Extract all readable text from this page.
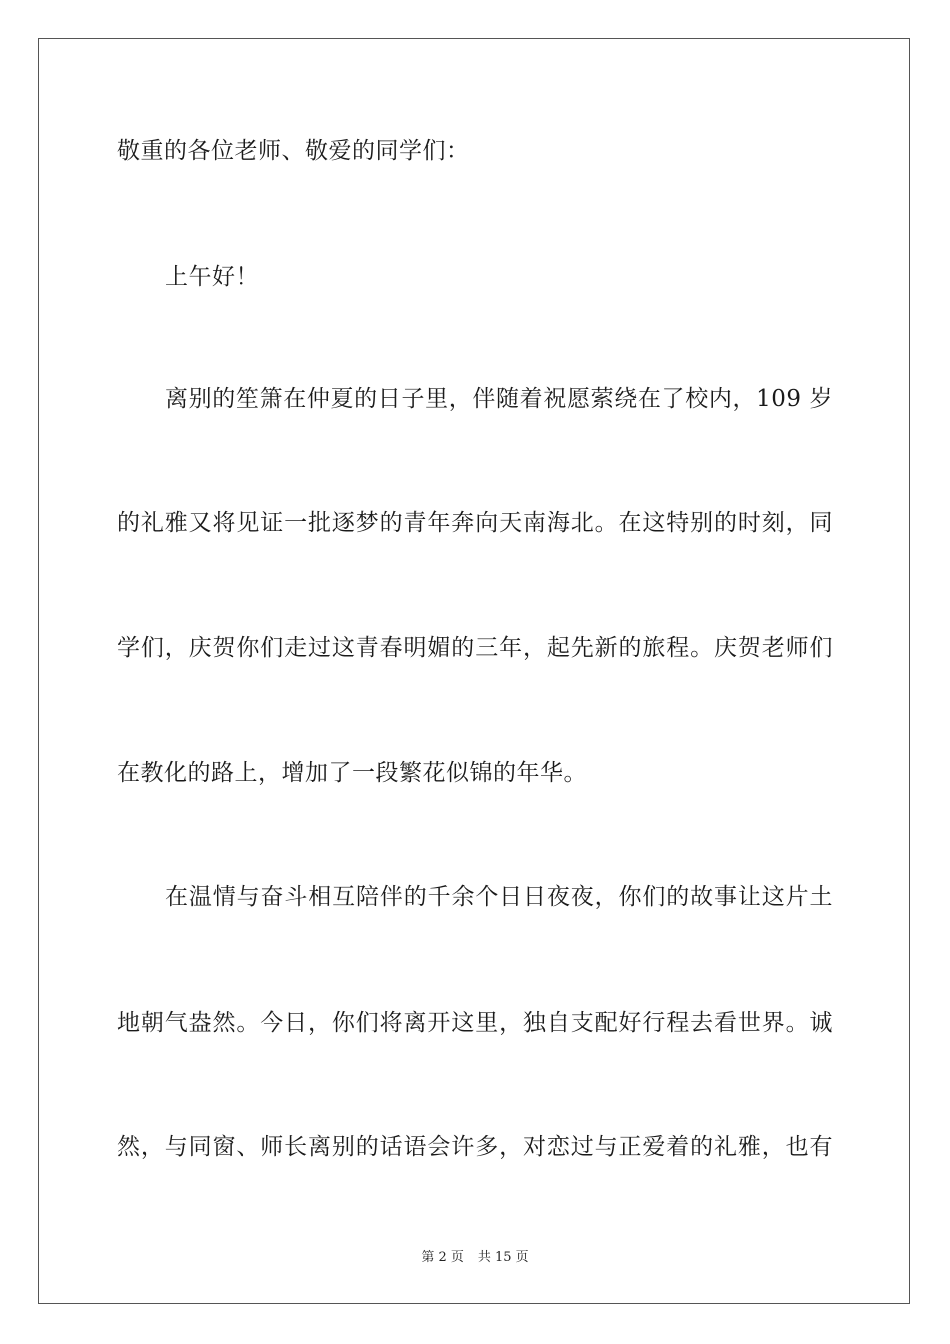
敬重的各位老师、敬爱的同学们：
上午好！
离别的笙箫在仲夏的日子里，伴随着祝愿萦绕在了校内，109 岁
的礼雅又将见证一批逐梦的青年奔向天南海北。在这特别的时刻，同
学们，庆贺你们走过这青春明媚的三年，起先新的旅程。庆贺老师们
在教化的路上，增加了一段繁花似锦的年华。
在温情与奋斗相互陪伴的千余个日日夜夜，你们的故事让这片土
地朝气盎然。今日，你们将离开这里，独自支配好行程去看世界。诚
然，与同窗、师长离别的话语会许多，对恋过与正爱着的礼雅，也有
第 2 页 共 15 页
